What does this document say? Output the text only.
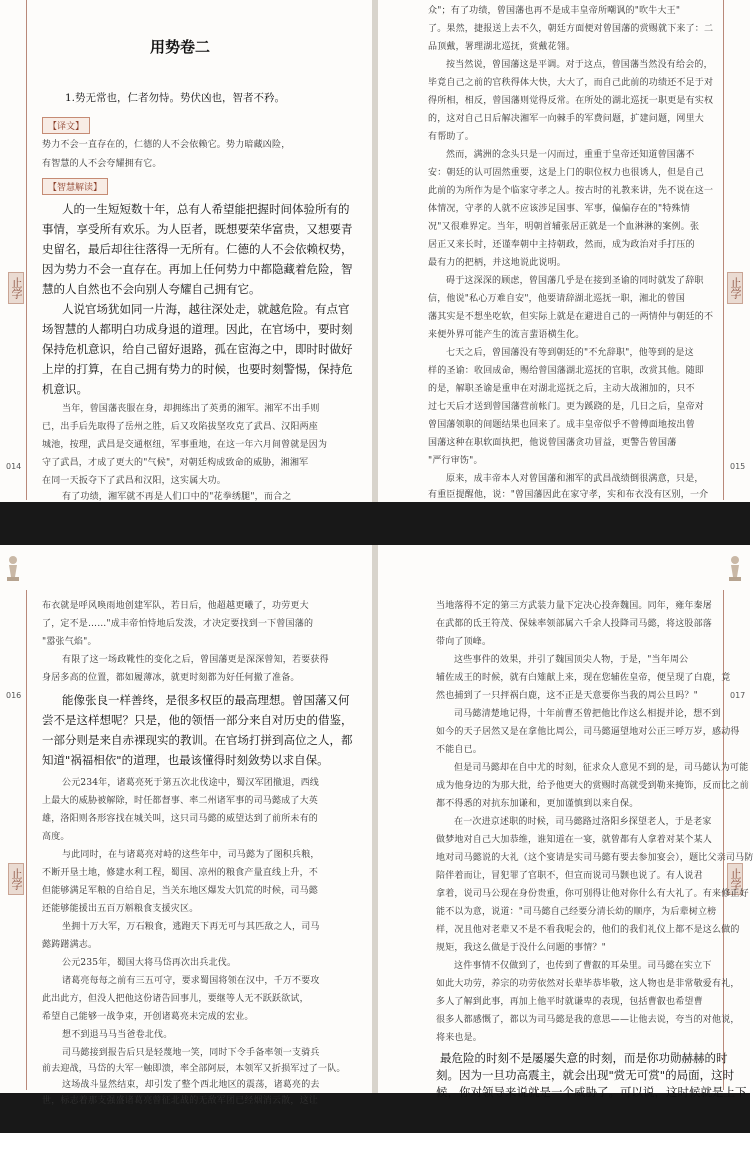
止学

用势卷二

1.势无常也，仁者勿恃。势伏凶也，智者不矜。

【译文】

势力不会一直存在的，仁德的人不会依赖它。势力暗藏凶险，

有智慧的人不会夸耀拥有它。

【智慧解读】

人的一生短短数十年，总有人希望能把握时间体验所有的

事情，享受所有欢乐。为人臣者，既想要荣华富贵，又想要青

史留名，最后却往往落得一无所有。仁德的人不会依赖权势，

因为势力不会一直存在。再加上任何势力中都隐藏着危险，智

慧的人自然也不会向别人夸耀自己拥有它。

人说官场犹如同一片海，越往深处走，就越危险。有点官

场智慧的人都明白功成身退的道理。因此，在官场中，要时刻

保持危机意识，给自己留好退路，孤在宦海之中，即时时做好

上岸的打算，在自己拥有势力的时候，也要时刻警惕，保持危

机意识。

当年，曾国藩丧服在身，却拥练出了英勇的湘军。湘军不出手则

已，出手后先取得了岳州之胜，后又攻陷拔坚攻克了武昌、汉阳两座

城池，按理，武昌是交通枢纽，军事重地，在这一年六月间曾就是因为

守了武昌，才成了更大的"气候"，对朝廷构成致命的威胁，湘湘军

在同一天扳夺下了武昌和汉阳，这实属大功。

有了功绩，湘军就不再是人们口中的"花拳绣腿"，而合之

014
止学

众"；有了功绩，曾国藩也再不是成丰皇帝所嘲讽的"吹牛大王"

了。果然，捷报送上去不久，朝廷方面便对曾国藩的赏赐就下来了：二

品顶戴，署理湖北巡抚，赏戴花翎。

按当然说，曾国藩这是平调。对于这点，曾国藩当然没有给会的，

毕竟自己之前的官秩得体大快，大大了，而自己此前的功绩还不足于对

得所相，相反，曾国藩则觉得反常。在所处的湖北巡抚一职更是有实权

的，这对自己日后解决湘军一向棘手的军费问题，扩建问题，网里大

有帮助了。

然而，满洲的念头只是一闪而过，重重于皇帝还知道曾国藩不

安：朝廷的认可固然重要，这是上门的职位权力也很诱人，但是自己

此前的为所作为是个临家守孝之人。按古时的礼教来讲，先不说在这一

体情况，守孝的人就不应该涉足国事、军事，偏偏存在的"特殊情

况"又很难界定。当年，明朝首辅张居正就是一个血淋淋的案例。张

居正又来长时，还谨奉朝中主持朝政，然而，成为政治对手打压的

最有力的把柄，并这地说此说明。

碍于这深深的顾虑，曾国藩几乎是在接到圣谕的同时就发了辞职

信，他说"私心万难自安"，他要请辞湖北巡抚一职，湘北的曾国

藩其实是不想坐吃软，但实际上就是在避进自己的一两情仲与朝廷的不

来便外界可能产生的流言蜚语横生化。

七天之后，曾国藩没有等到朝廷的"不允辞职"，他等到的是这

样的圣谕：收回成命，赐给曾国藩湖北巡抚的官职，改赏其他。随即

的是，解职圣谕是重申在对湖北巡抚之后，主动大战湘加的，只不

过七天后才送到曾国藩营前帐门。更为蹊跷的是，几日之后，皇帝对

曾国藩领职的间题结果也回来了。成丰皇帝似乎不曾傅面地按出曾

国藩这种在职软面执把，他说曾国藩贪功冒益，更警告曾国藩

"严行审饬"。

原来，成丰帝本人对曾国藩和湘军的武昌战绩倒很满意，只是，

有重臣提醒他，说："曾国藩因此在家守孝，实和布衣没有区别，一介

015
止学

布衣就是呼风唤雨地创建军队，若日后，他超越更曦了，功劳更大

了，定不是……"成丰帝怕恃地后发泼，才决定要找到一下曾国藩的

"嚣张气焰"。

有限了这一场政靴性的变化之后，曾国藩更是深深曾知，若要获得

身居多高的位置，都如履薄冰，就更时刻都为好任何撤了准备。

能像张良一样善终，是很多权臣的最高理想。曾国藩又何

尝不是这样想呢？只是，他的领悟一部分来自对历史的借鉴，

一部分则是来自赤裸现实的教训。在官场打拼到高位之人，都

知道"祸福相依"的道理，也最该懂得时刻敛势以求自保。

公元234年，诸葛亮死于第五次北伐途中，蜀汉军团撤退，西线

上最大的威胁被解除，时任都督事、率二州诸军事的司马懿成了大英

雄，洛阳则各形容找在城关叫，这只司马懿的威望达到了前所未有的

高度。

与此同时，在与诸葛亮对峙的这些年中，司马懿为了图积兵粮，

不断开垦土地，修建水利工程，蜀国、凉州的粮食产量直线上升，不

但能够满足军粮的自给自足，当关东地区爆发大饥荒的时候，司马懿

还能够能援出五百万斛粮食支援灾区。

坐拥十万大军，万石粮食，逃跑天下再无可与其匹敌之人，司马

懿踌躇满志。

公元235年，蜀国大将马岱再次出兵北伐。

诸葛亮每每之前有三五可守，要求蜀国将领在汉中，千万不要攻

此出此方，但没人把他这份诸告回事儿，要继等人无不跃跃欲试，

希望自己能够一战争束，开创诸葛亮未完成的宏业。

想不到退马马当爸卷北伐。

司马懿接到报告后只是轻蔑地一笑，同时下令手备率领一支骑兵

前去迎战，马岱的大军一触即溃，率全部阿辰，本领军又折损军过了一队。

这场战斗显然结束，却引发了整个西北地区的震荡，诸葛亮的去

世，标志着那支强盛诸葛亮曾征北战的无敌军团已经烟消云散，这让

016
止学

当地落得不定的第三方武装力量下定决心投奔魏国。同年，雍年秦屠

在武都的氐王符茂、保妹率领部属六千余人投降司马懿，将这股部落

带向了顶峰。

这些事件的效果，并引了魏国顶尖人物，于是，"当年周公

辅佐成王的时候，就有白雉献上来，现在您辅佐皇帝，便呈现了白鹿，竟

然也捕到了一只抨祸白鹿，这不正是天意要你当我的周公旦吗？"

司马懿清楚地记得，十年前曹丕曾把他比作这么相提并论，想不到

如今的天子居然又是在拿他比周公，司马懿逼望地对公正三呼万岁，感动得

不能自已。

但是司马懿却在自中尤的时刻，征求众人意见不到的是，司马懿认为可能

成为他身边的为那大批，给予他更大的赏赐时高就受到勒来掩饰，反而比之前

都不得悉的对抗东加谦和，更加谨慎到以来自保。

在一次进京述职的时候，司马懿路过洛阳乡探望老人，于是老家

做梦地对自己大加恭维，谁知道在一宴，就曾都有人拿着对某个某人

地对司马懿说的大礼（这个宴请是实司马懿有要去参加宴会），题比父亲司马防

陪伴着而让，冒犯罪了官职不，但宣而说司马颢也说了。有人说君

拿着，说司马公现在身份贵重，你可别得让他对你什么有大礼了。有来修正好

能不以为意，说道："司马懿自己经要分清长幼的顺序，为后辈树立榜

样，况且他对老辈又不是不看我呢会的，他们的我们礼仪上都不是这么做的

规矩，我这么做是于没什么问题的事情？"

这件事情不仅做到了，也传到了曹叡的耳朵里。司马懿在实立下

如此大功劳，养宗的功劳依然对长辈毕恭毕敬，这人物也是非常敬爱有礼，

多人了解到此事，再加上他平时就谦卑的表现，包括曹叡也希望曹

很多人都感慨了，都以为司马懿是我的意思——让他去说，夸当的对他说，

将来也是。

最危险的时刻不是屡屡失意的时刻，而是你功勋赫赫的时

刻。因为一旦功高震主，就会出现"赏无可赏"的局面，这时

候，你对领导来说就是一个威胁了。可以说，这时候就是上下

017
